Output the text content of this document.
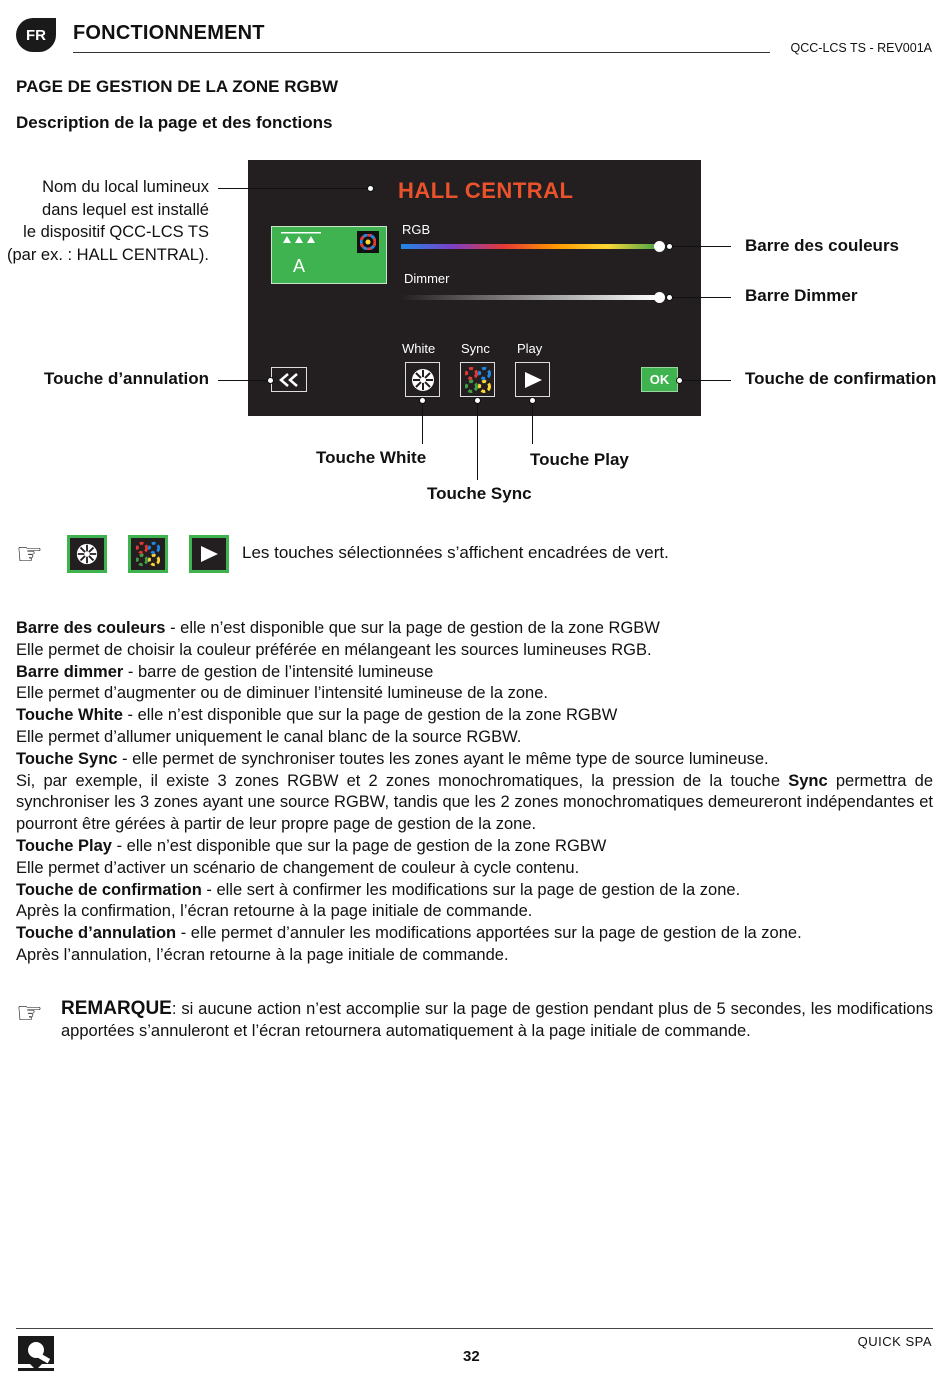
FR	FONCTIONNEMENT
QCC-LCS TS - REV001A
PAGE DE GESTION DE LA ZONE RGBW
Description de la page et des fonctions
HALL CENTRAL
A
RGB
Dimmer
White Sync Play
OK
Nom du local lumineux
dans lequel est installé
le dispositif QCC-LCS TS
(par ex. : HALL CENTRAL).	Barre des couleurs
Barre Dimmer
Touche d’annulation	Touche de confirmation
Touche White	Touche Play
Touche Sync
☞	Les touches sélectionnées s’affichent encadrées de vert.

Barre des couleurs - elle n’est disponible que sur la page de gestion de la zone RGBW

Elle permet de choisir la couleur préférée en mélangeant les sources lumineuses RGB.

Barre dimmer - barre de gestion de l’intensité lumineuse

Elle permet d’augmenter ou de diminuer l’intensité lumineuse de la zone.

Touche White - elle n’est disponible que sur la page de gestion de la zone RGBW

Elle permet d’allumer uniquement le canal blanc de la source RGBW.

Touche Sync - elle permet de synchroniser toutes les zones ayant le même type de source lumineuse.

Si, par exemple, il existe 3 zones RGBW et 2 zones monochromatiques, la pression de la touche Sync permettra de synchroniser les 3 zones ayant une source RGBW, tandis que les 2 zones monochromatiques demeureront indépendantes et pourront être gérées à partir de leur propre page de gestion de la zone.

Touche Play - elle n’est disponible que sur la page de gestion de la zone RGBW

Elle permet d’activer un scénario de changement de couleur à cycle contenu.

Touche de confirmation - elle sert à confirmer les modifications sur la page de gestion de la zone.

Après la confirmation, l’écran retourne à la page initiale de commande.

Touche d’annulation - elle permet d’annuler les modifications apportées sur la page de gestion de la zone.

Après l’annulation, l’écran retourne à la page initiale de commande.

☞ REMARQUE: si aucune action n’est accomplie sur la page de gestion pendant plus de 5 secondes, les modifications apportées s’annuleront et l’écran retournera automatiquement à la page initiale de commande.
32
QUICK SPA
